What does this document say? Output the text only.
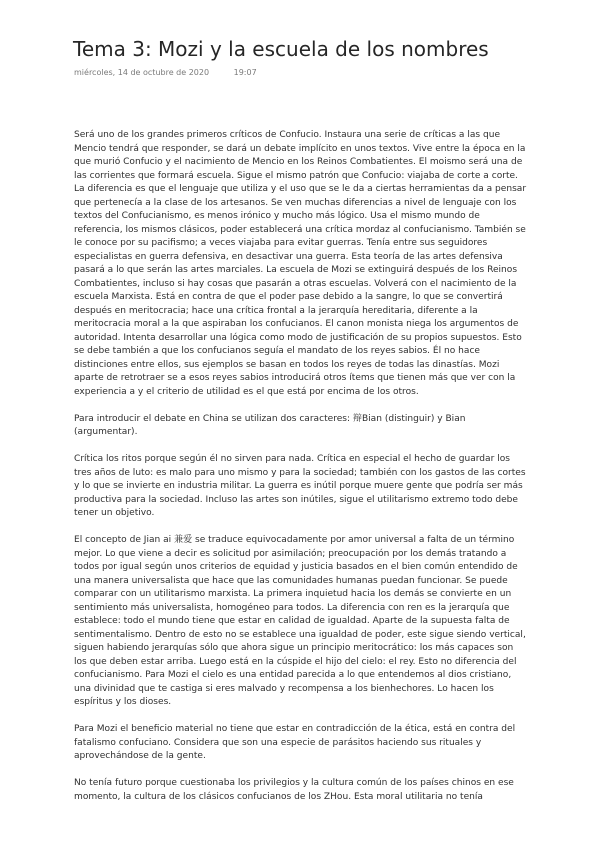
Tema 3: Mozi y la escuela de los nombres
miércoles, 14 de octubre de 2020	19:07

Será uno de los grandes primeros críticos de Confucio. Instaura una serie de críticas a las que Mencio tendrá que responder, se dará un debate implícito en unos textos. Vive entre la época en la que murió Confucio y el nacimiento de Mencio en los Reinos Combatientes. El moismo será una de las corrientes que formará escuela. Sigue el mismo patrón que Confucio: viajaba de corte a corte. La diferencia es que el lenguaje que utiliza y el uso que se le da a ciertas herramientas da a pensar que pertenecía a la clase de los artesanos. Se ven muchas diferencias a nivel de lenguaje con los textos del Confucianismo, es menos irónico y mucho más lógico. Usa el mismo mundo de referencia, los mismos clásicos, poder establecerá una crítica mordaz al confucianismo. También se le conoce por su pacifismo; a veces viajaba para evitar guerras. Tenía entre sus seguidores especialistas en guerra defensiva, en desactivar una guerra. Esta teoría de las artes defensiva pasará a lo que serán las artes marciales. La escuela de Mozi se extinguirá después de los Reinos Combatientes, incluso si hay cosas que pasarán a otras escuelas. Volverá con el nacimiento de la escuela Marxista. Está en contra de que el poder pase debido a la sangre, lo que se convertirá después en meritocracia; hace una crítica frontal a la jerarquía hereditaria, diferente a la meritocracia moral a la que aspiraban los confucianos. El canon monista niega los argumentos de autoridad. Intenta desarrollar una lógica como modo de justificación de su propios supuestos. Esto se debe también a que los confucianos seguía el mandato de los reyes sabios. Él no hace distinciones entre ellos, sus ejemplos se basan en todos los reyes de todas las dinastías. Mozi aparte de retrotraer se a esos reyes sabios introducirá otros ítems que tienen más que ver con la experiencia a y el criterio de utilidad es el que está por encima de los otros.

Para introducir el debate en China se utilizan dos caracteres: 辩Bian (distinguir) y Bian (argumentar).

Crítica los ritos porque según él no sirven para nada. Crítica en especial el hecho de guardar los tres años de luto: es malo para uno mismo y para la sociedad; también con los gastos de las cortes y lo que se invierte en industria militar. La guerra es inútil porque muere gente que podría ser más productiva para la sociedad. Incluso las artes son inútiles, sigue el utilitarismo extremo todo debe tener un objetivo.

El concepto de Jian ai 兼爱 se traduce equivocadamente por amor universal a falta de un término mejor. Lo que viene a decir es solicitud por asimilación; preocupación por los demás tratando a todos por igual según unos criterios de equidad y justicia basados en el bien común entendido de una manera universalista que hace que las comunidades humanas puedan funcionar. Se puede comparar con un utilitarismo marxista. La primera inquietud hacia los demás se convierte en un sentimiento más universalista, homogéneo para todos. La diferencia con ren es la jerarquía que establece: todo el mundo tiene que estar en calidad de igualdad. Aparte de la supuesta falta de sentimentalismo. Dentro de esto no se establece una igualdad de poder, este sigue siendo vertical, siguen habiendo jerarquías sólo que ahora sigue un principio meritocrático: los más capaces son los que deben estar arriba. Luego está en la cúspide el hijo del cielo: el rey. Esto no diferencia del confucianismo. Para Mozi el cielo es una entidad parecida a lo que entendemos al dios cristiano, una divinidad que te castiga si eres malvado y recompensa a los bienhechores. Lo hacen los espíritus y los dioses.

Para Mozi el beneficio material no tiene que estar en contradicción de la ética, está en contra del fatalismo confuciano. Considera que son una especie de parásitos haciendo sus rituales y aprovechándose de la gente.

No tenía futuro porque cuestionaba los privilegios y la cultura común de los países chinos en ese momento, la cultura de los clásicos confucianos de los ZHou. Esta moral utilitaria no tenía
